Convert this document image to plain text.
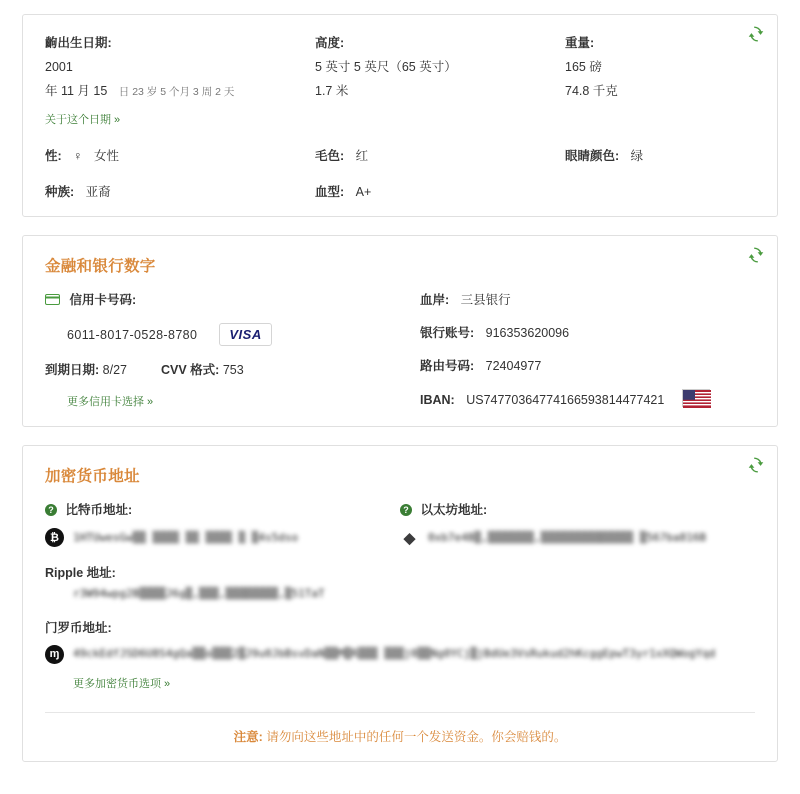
齣出生日期:
2001
年 11 月 15 日 23 岁 5 个月 3 周 2 天
关于这个日期 »
高度:
5 英寸 5 英尺（65 英寸）
1.7 米
重量:
165 磅
74.8 千克
性: ♀ 女性	毛色: 红	眼睛颜色: 绿
种族: 亚裔	血型: A+
金融和银行数字
信用卡号码:
6011-8017-0528-8780	VISA
到期日期: 8/27	CVV 格式: 753
更多信用卡选择 »
血岸: 三县银行
银行账号: 916353620096
路由号码: 72404977
IBAN: US74770364774166593814477421
加密货币地址
? 比特币地址:
₿	1HTUwesGw▒▒ ▒▒▒▒ ▒▒ ▒▒▒▒ ▒ ▒4s5dso
? 以太坊地址:
◆	0xb7e4B▒,▒▒▒▒▒▒▒,▒▒▒▒▒▒▒▒▒▒▒▒▒▒ ▒567ba816B
Ripple 地址:
r3W94wpg2B▒▒▒▒J6g▒,▒▒▒,▒▒▒▒▒▒▒▒,▒51TaT
门罗币地址:
ɱ	49ckEdfJSD6U8S4gQa▒▒o▒▒▒2▒J9u0JbBsvDaN▒▒M▒R▒▒▒ ▒▒▒j0▒▒Ng0YCj▒jBdUe3VsRukud2hKcggEpwT3yr1xXQWogYqd
更多加密货币选项 »
注意: 请勿向这些地址中的任何一个发送资金。你会赔钱的。
